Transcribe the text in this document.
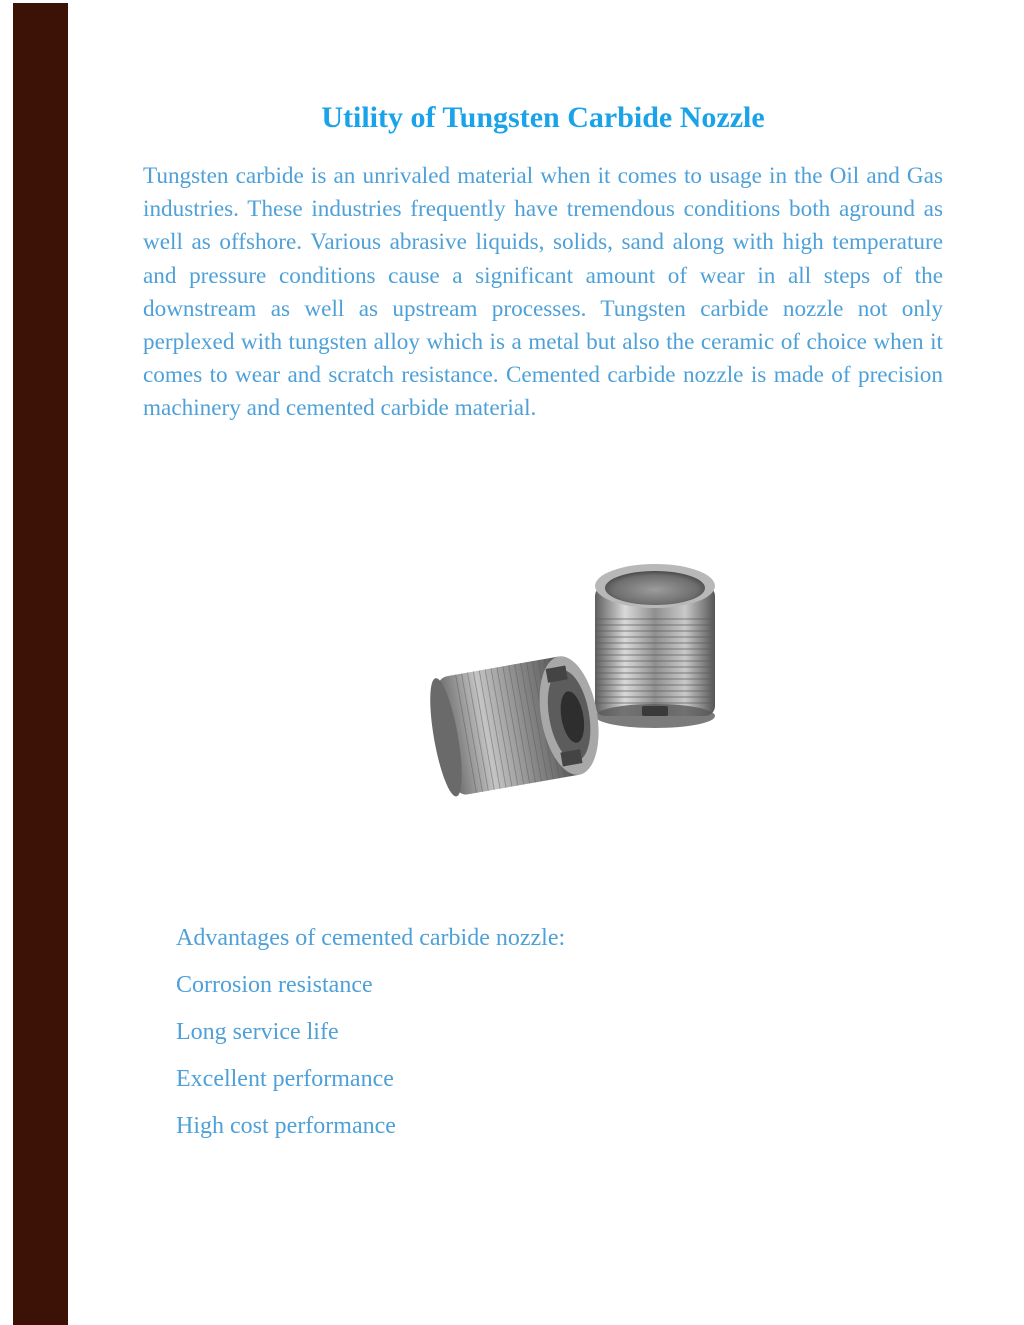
Utility of Tungsten Carbide Nozzle

Tungsten carbide is an unrivaled material when it comes to usage in the Oil and Gas industries. These industries frequently have tremendous conditions both aground as well as offshore. Various abrasive liquids, solids, sand along with high temperature and pressure conditions cause a significant amount of wear in all steps of the downstream as well as upstream processes. Tungsten carbide nozzle not only perplexed with tungsten alloy which is a metal but also the ceramic of choice when it comes to wear and scratch resistance. Cemented carbide nozzle is made of precision machinery and cemented carbide material.

Advantages of cemented carbide nozzle:
Corrosion resistance
Long service life
Excellent performance
High cost performance
